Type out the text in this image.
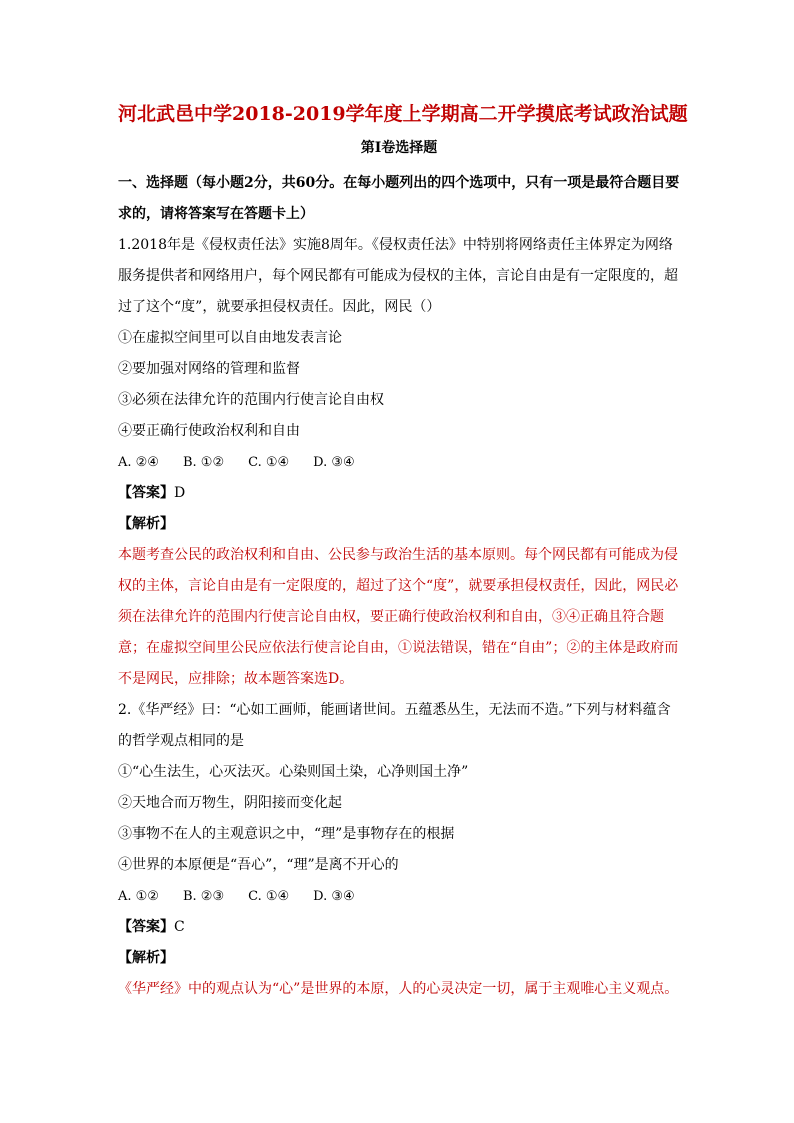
河北武邑中学2018-2019学年度上学期高二开学摸底考试政治试题
第Ⅰ卷选择题

一、选择题（每小题2分，共60分。在每小题列出的四个选项中，只有一项是最符合题目要求的，请将答案写在答题卡上）

1.2018年是《侵权责任法》实施8周年。《侵权责任法》中特别将网络责任主体界定为网络服务提供者和网络用户，每个网民都有可能成为侵权的主体，言论自由是有一定限度的，超过了这个“度”，就要承担侵权责任。因此，网民（）

①在虚拟空间里可以自由地发表言论

②要加强对网络的管理和监督

③必须在法律允许的范围内行使言论自由权

④要正确行使政治权利和自由

A. ②④ B. ①② C. ①④ D. ③④

【答案】D

【解析】

本题考查公民的政治权利和自由、公民参与政治生活的基本原则。每个网民都有可能成为侵权的主体，言论自由是有一定限度的，超过了这个“度”，就要承担侵权责任，因此，网民必须在法律允许的范围内行使言论自由权，要正确行使政治权利和自由，③④正确且符合题意；在虚拟空间里公民应依法行使言论自由，①说法错误，错在“自由”；②的主体是政府而不是网民，应排除；故本题答案选D。

2.《华严经》曰：“心如工画师，能画诸世间。五蕴悉丛生，无法而不造。”下列与材料蕴含的哲学观点相同的是

①“心生法生，心灭法灭。心染则国土染，心净则国土净”

②天地合而万物生，阴阳接而变化起

③事物不在人的主观意识之中，“理”是事物存在的根据

④世界的本原便是“吾心”，“理”是离不开心的

A. ①② B. ②③ C. ①④ D. ③④

【答案】C

【解析】

《华严经》中的观点认为“心”是世界的本原，人的心灵决定一切，属于主观唯心主义观点。
